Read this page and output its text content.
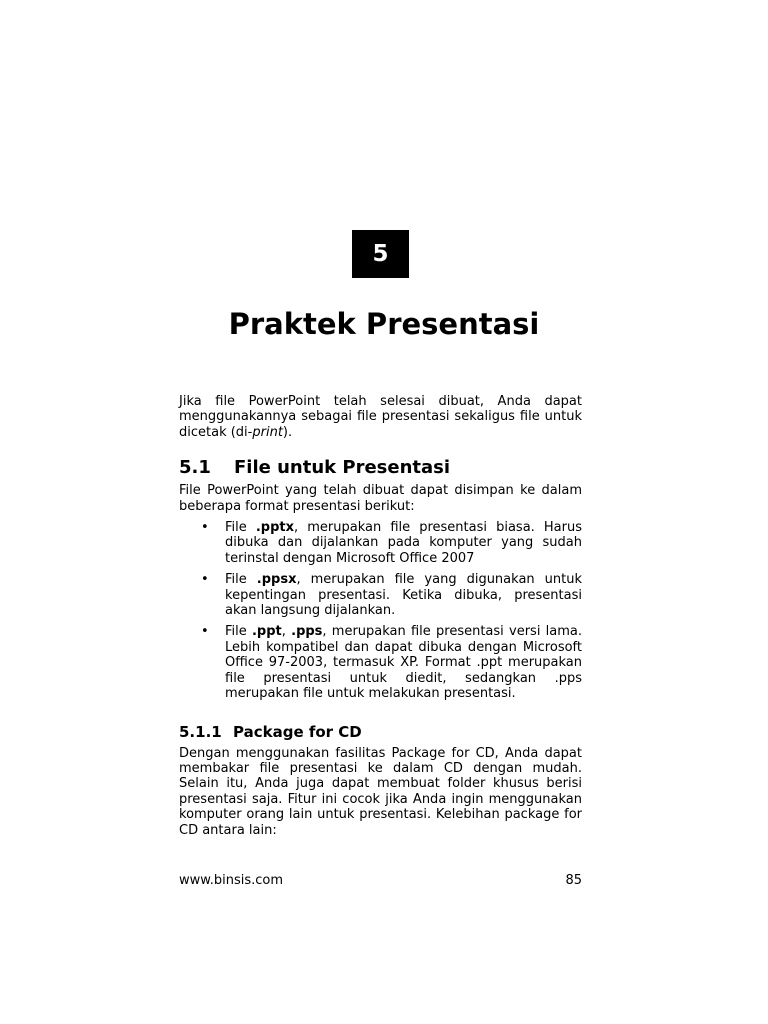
5
Praktek Presentasi

Jika file PowerPoint telah selesai dibuat, Anda dapat menggunakannya sebagai file presentasi sekaligus file untuk dicetak (di-print).

5.1	File untuk Presentasi

File PowerPoint yang telah dibuat dapat disimpan ke dalam beberapa format presentasi berikut:

• File .pptx, merupakan file presentasi biasa. Harus dibuka dan dijalankan pada komputer yang sudah terinstal dengan Microsoft Office 2007
• File .ppsx, merupakan file yang digunakan untuk kepentingan presentasi. Ketika dibuka, presentasi akan langsung dijalankan.
• File .ppt, .pps, merupakan file presentasi versi lama. Lebih kompatibel dan dapat dibuka dengan Microsoft Office 97-2003, termasuk XP. Format .ppt merupakan file presentasi untuk diedit, sedangkan .pps merupakan file untuk melakukan presentasi.
5.1.1 Package for CD

Dengan menggunakan fasilitas Package for CD, Anda dapat membakar file presentasi ke dalam CD dengan mudah. Selain itu, Anda juga dapat membuat folder khusus berisi presentasi saja. Fitur ini cocok jika Anda ingin menggunakan komputer orang lain untuk presentasi. Kelebihan package for CD antara lain:

www.binsis.com	85
